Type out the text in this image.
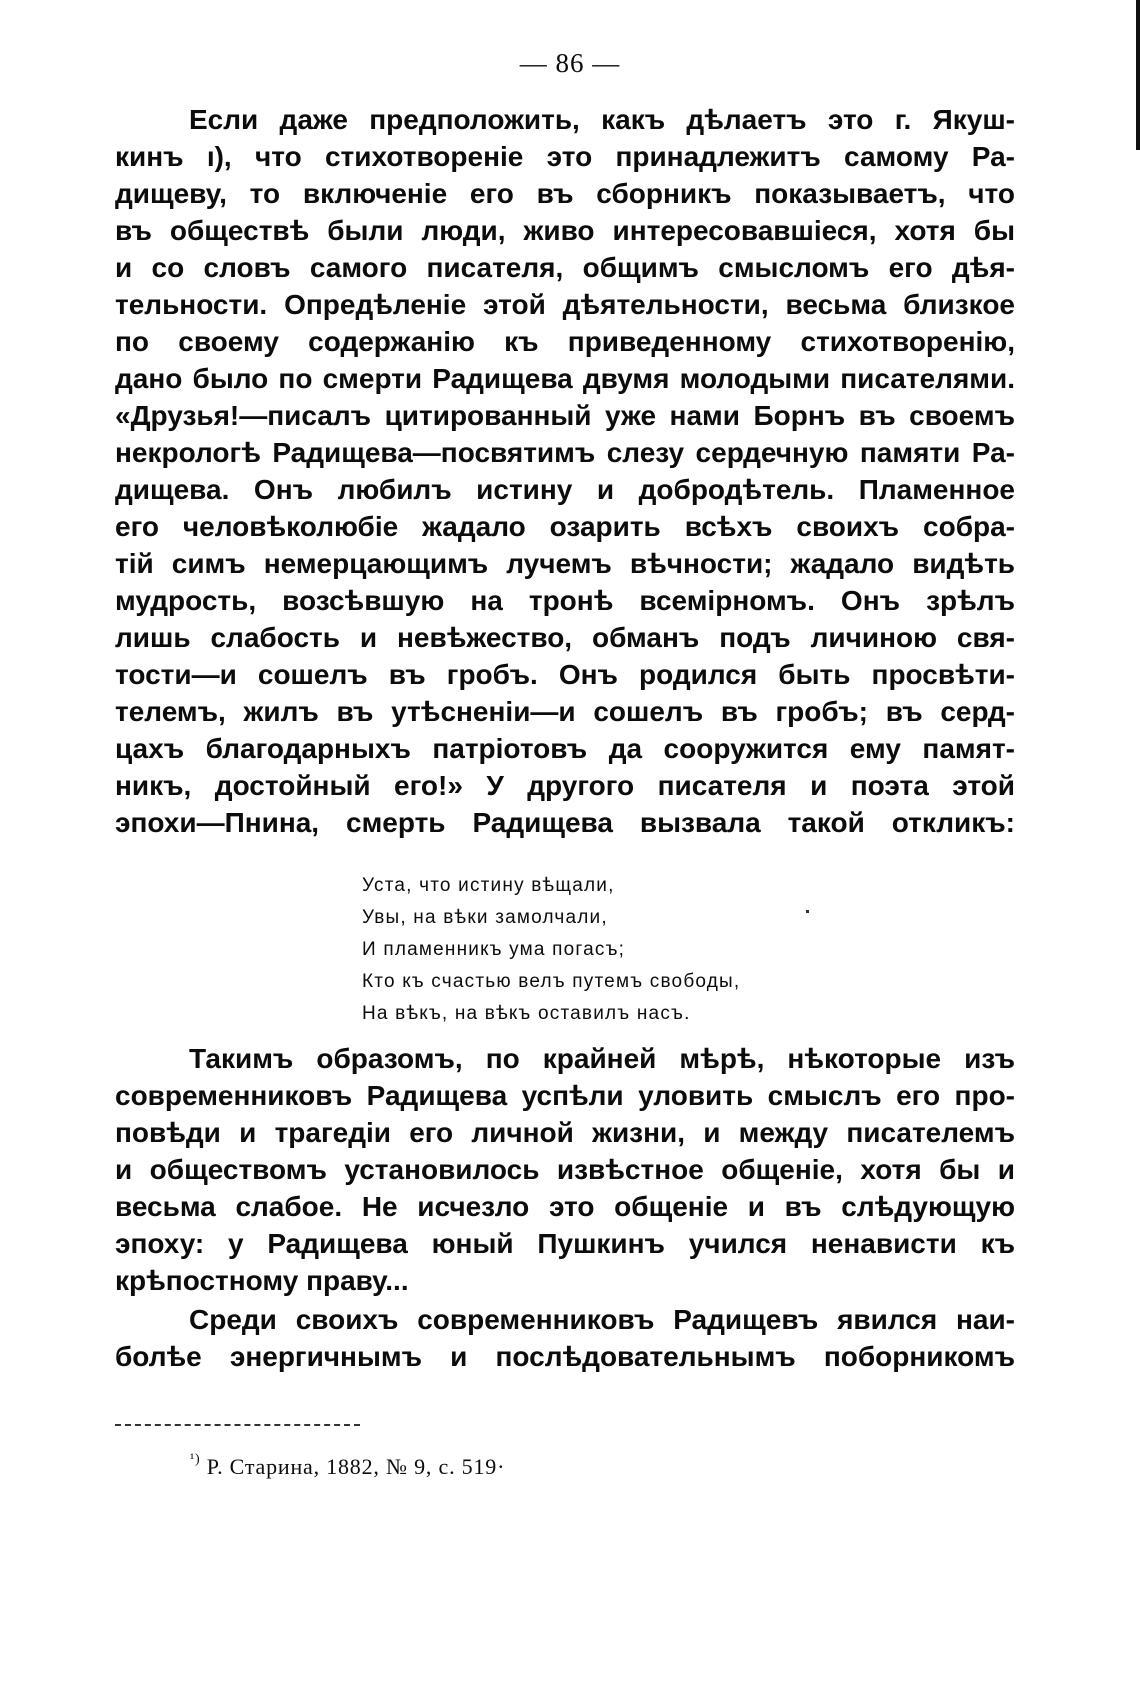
— 86 —
Если даже предположить, какъ дѣлаетъ это г. Якуш-
кинъ ı), что стихотворенiе это принадлежитъ самому Ра-
дищеву, то включенiе его въ сборникъ показываетъ, что
въ обществѣ были люди, живо интересовавшiеся, хотя бы
и со словъ самого писателя, общимъ смысломъ его дѣя-
тельности. Опредѣленiе этой дѣятельности, весьма близкое
по своему содержанiю къ приведенному стихотворенiю,
дано было по смерти Радищева двумя молодыми писателями.
«Друзья!—писалъ цитированный уже нами Борнъ въ своемъ
некрологѣ Радищева—посвятимъ слезу сердечную памяти Ра-
дищева. Онъ любилъ истину и добродѣтель. Пламенное
его человѣколюбiе жадало озарить всѣхъ своихъ собра-
тiй симъ немерцающимъ лучемъ вѣчности; жадало видѣть
мудрость, возсѣвшую на тронѣ всемiрномъ. Онъ зрѣлъ
лишь слабость и невѣжество, обманъ подъ личиною свя-
тости—и сошелъ въ гробъ. Онъ родился быть просвѣти-
телемъ, жилъ въ утѣсненiи—и сошелъ въ гробъ; въ серд-
цахъ благодарныхъ патрiотовъ да сооружится ему памят-
никъ, достойный его!» У другого писателя и поэта этой
эпохи—Пнина, смерть Радищева вызвала такой откликъ:
Уста, что истину вѣщали,
Увы, на вѣки замолчали,
И пламенникъ ума погасъ;
Кто къ счастью велъ путемъ свободы,
На вѣкъ, на вѣкъ оставилъ насъ.
Такимъ образомъ, по крайней мѣрѣ, нѣкоторые изъ
современниковъ Радищева успѣли уловить смыслъ его про-
повѣди и трагедiи его личной жизни, и между писателемъ
и обществомъ установилось извѣстное общенiе, хотя бы и
весьма слабое. Не исчезло это общенiе и въ слѣдующую
эпоху: у Радищева юный Пушкинъ учился ненависти къ
крѣпостному праву...
Среди своихъ современниковъ Радищевъ явился наи-
болѣе энергичнымъ и послѣдовательнымъ поборникомъ
$^{^1)}$ Р. Старина, 1882, № 9, с. 519·
